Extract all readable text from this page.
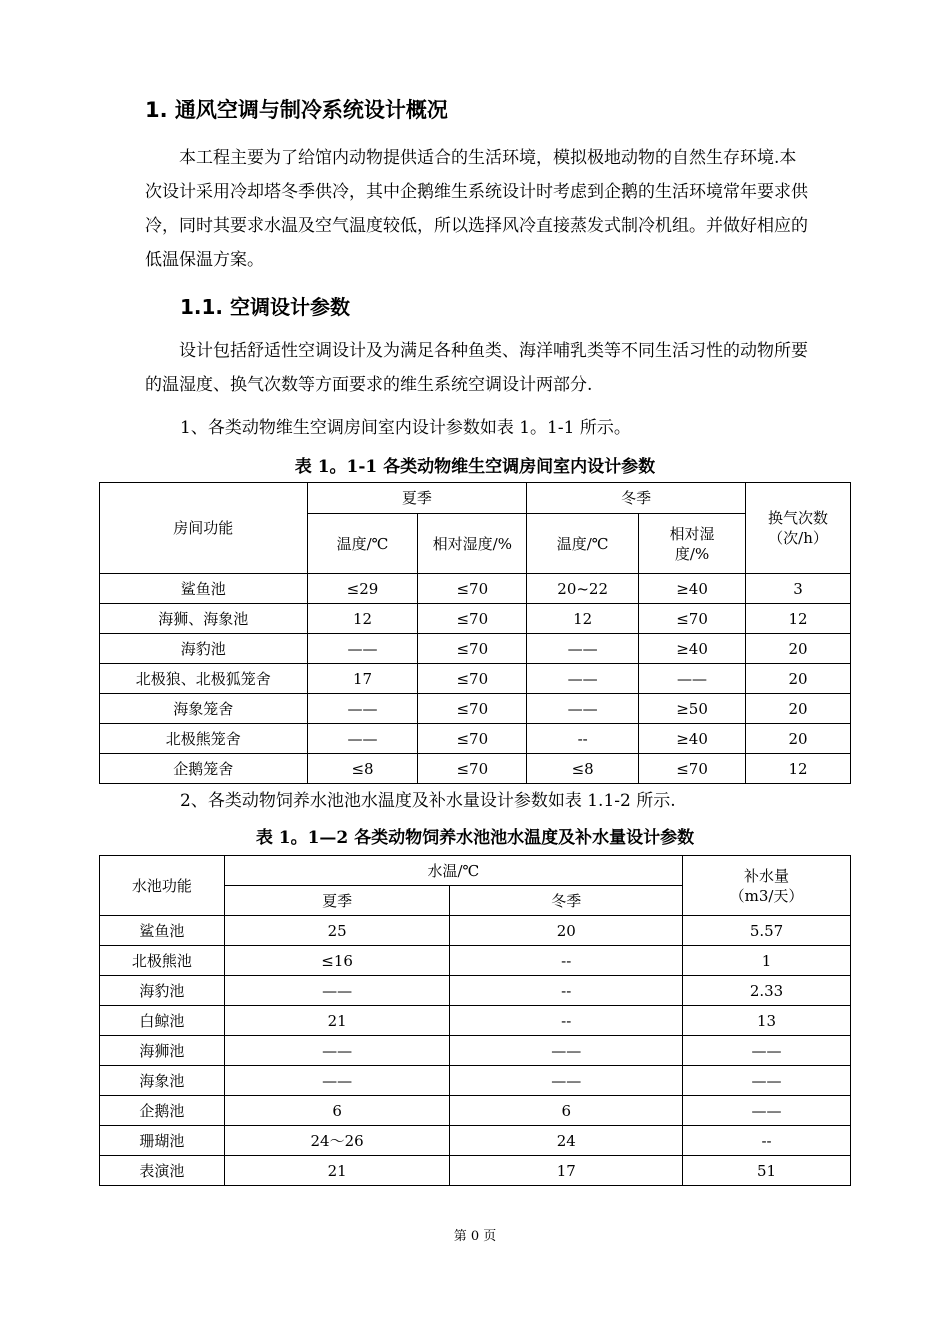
1. 通风空调与制冷系统设计概况
本工程主要为了给馆内动物提供适合的生活环境，模拟极地动物的自然生存环境.本次设计采用冷却塔冬季供冷，其中企鹅维生系统设计时考虑到企鹅的生活环境常年要求供冷，同时其要求水温及空气温度较低，所以选择风冷直接蒸发式制冷机组。并做好相应的低温保温方案。
1.1. 空调设计参数
设计包括舒适性空调设计及为满足各种鱼类、海洋哺乳类等不同生活习性的动物所要的温湿度、换气次数等方面要求的维生系统空调设计两部分.
1、各类动物维生空调房间室内设计参数如表 1。1-1 所示。
表 1。1-1 各类动物维生空调房间室内设计参数
房间功能	夏季		冬季		换气次数（次/h）
	温度/℃	相对湿度/%	温度/℃	相对湿度/%	
鲨鱼池	≤29	≤70	20~22	≥40	3
海狮、海象池	12	≤70	12	≤70	12
海豹池	——	≤70	——	≥40	20
北极狼、北极狐笼舍	17	≤70	——	——	20
海象笼舍	——	≤70	——	≥50	20
北极熊笼舍	——	≤70	--	≥40	20
企鹅笼舍	≤8	≤70	≤8	≤70	12
2、各类动物饲养水池池水温度及补水量设计参数如表 1.1-2 所示.
表 1。1—2 各类动物饲养水池池水温度及补水量设计参数
水池功能	水温/℃		补水量（m3/天）
	夏季	冬季	
鲨鱼池	25	20	5.57
北极熊池	≤16	--	1
海豹池	——	--	2.33
白鲸池	21	--	13
海狮池	——	——	——
海象池	——	——	——
企鹅池	6	6	——
珊瑚池	24～26	24	--
表演池	21	17	51
第 0 页
